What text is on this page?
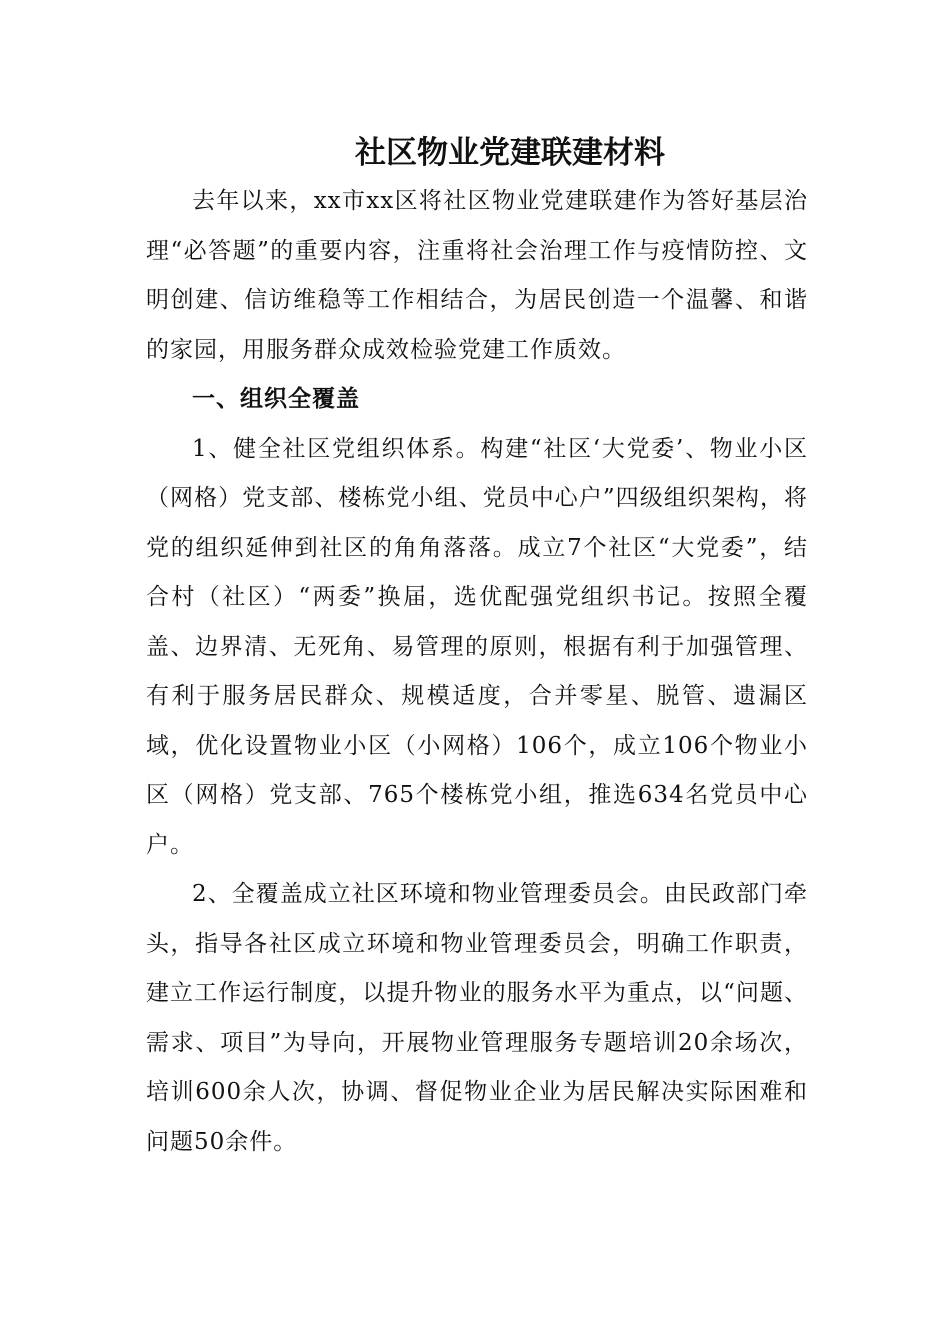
社区物业党建联建材料

去年以来，xx市xx区将社区物业党建联建作为答好基层治理“必答题”的重要内容，注重将社会治理工作与疫情防控、文明创建、信访维稳等工作相结合，为居民创造一个温馨、和谐的家园，用服务群众成效检验党建工作质效。

一、组织全覆盖

1、健全社区党组织体系。构建“社区‘大党委’、物业小区（网格）党支部、楼栋党小组、党员中心户”四级组织架构，将党的组织延伸到社区的角角落落。成立7个社区“大党委”，结合村（社区）“两委”换届，选优配强党组织书记。按照全覆盖、边界清、无死角、易管理的原则，根据有利于加强管理、有利于服务居民群众、规模适度，合并零星、脱管、遗漏区域，优化设置物业小区（小网格）106个，成立106个物业小区（网格）党支部、765个楼栋党小组，推选634名党员中心户。

2、全覆盖成立社区环境和物业管理委员会。由民政部门牵头，指导各社区成立环境和物业管理委员会，明确工作职责，建立工作运行制度，以提升物业的服务水平为重点，以“问题、需求、项目”为导向，开展物业管理服务专题培训20余场次，培训600余人次，协调、督促物业企业为居民解决实际困难和问题50余件。
